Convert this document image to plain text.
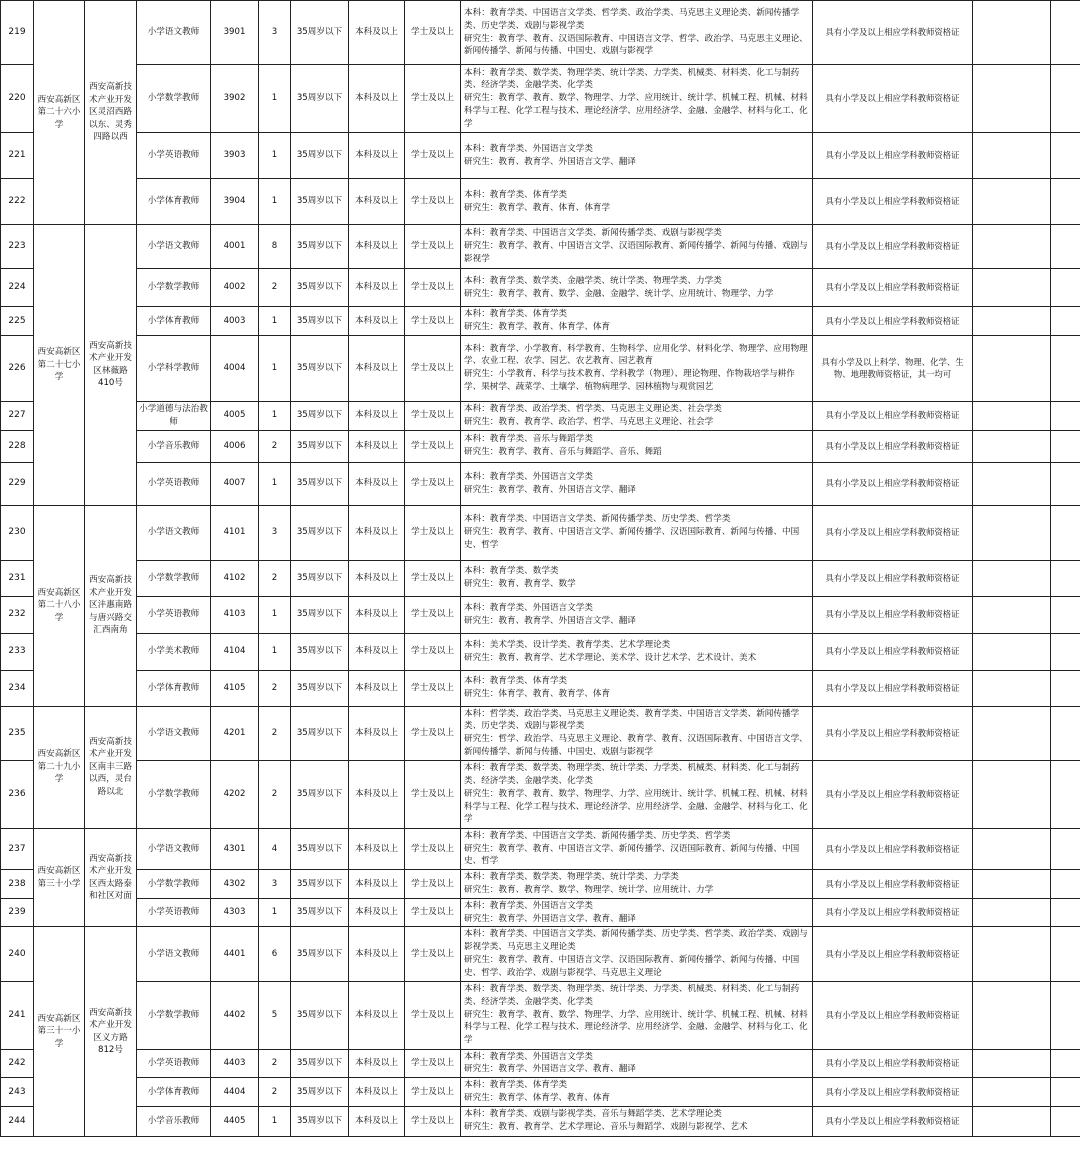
219	西安高新区第二十六小学	西安高新技术产业开发区灵沼西路以东、灵秀四路以西	小学语文教师	3901	3	35周岁以下	本科及以上	学士及以上	本科：教育学类、中国语言文学类、哲学类、政治学类、马克思主义理论类、新闻传播学类、历史学类、戏剧与影视学类
研究生：教育学、教育、汉语国际教育、中国语言文学、哲学、政治学、马克思主义理论、新闻传播学、新闻与传播、中国史、戏剧与影视学	具有小学及以上相应学科教师资格证		
220			小学数学教师	3902	1	35周岁以下	本科及以上	学士及以上	本科：教育学类、数学类、物理学类、统计学类、力学类、机械类、材料类、化工与制药类、经济学类、金融学类、化学类
研究生：教育学、教育、数学、物理学、力学、应用统计、统计学、机械工程、机械、材料科学与工程、化学工程与技术、理论经济学、应用经济学、金融、金融学、材料与化工、化学	具有小学及以上相应学科教师资格证		
221			小学英语教师	3903	1	35周岁以下	本科及以上	学士及以上	本科：教育学类、外国语言文学类
研究生：教育、教育学、外国语言文学、翻译	具有小学及以上相应学科教师资格证		
222			小学体育教师	3904	1	35周岁以下	本科及以上	学士及以上	本科：教育学类、体育学类
研究生：教育学、教育、体育、体育学	具有小学及以上相应学科教师资格证		
223	西安高新区第二十七小学	西安高新技术产业开发区林薇路410号	小学语文教师	4001	8	35周岁以下	本科及以上	学士及以上	本科：教育学类、中国语言文学类、新闻传播学类、戏剧与影视学类
研究生：教育学、教育、中国语言文学、汉语国际教育、新闻传播学、新闻与传播、戏剧与影视学	具有小学及以上相应学科教师资格证		
224			小学数学教师	4002	2	35周岁以下	本科及以上	学士及以上	本科：教育学类、数学类、金融学类、统计学类、物理学类、力学类
研究生：教育学、教育、数学、金融、金融学、统计学、应用统计、物理学、力学	具有小学及以上相应学科教师资格证		
225			小学体育教师	4003	1	35周岁以下	本科及以上	学士及以上	本科：教育学类、体育学类
研究生：教育学、教育、体育学、体育	具有小学及以上相应学科教师资格证		
226			小学科学教师	4004	1	35周岁以下	本科及以上	学士及以上	本科：教育学、小学教育、科学教育、生物科学、应用化学、材料化学、物理学、应用物理学、农业工程、农学、园艺、农艺教育、园艺教育
研究生：小学教育、科学与技术教育、学科教学（物理）、理论物理、作物栽培学与耕作学、果树学、蔬菜学、土壤学、植物病理学、园林植物与观赏园艺	具有小学及以上科学、物理、化学、生物、地理教师资格证，其一均可		
227			小学道德与法治教师	4005	1	35周岁以下	本科及以上	学士及以上	本科：教育学类、政治学类、哲学类、马克思主义理论类、社会学类
研究生：教育、教育学、政治学、哲学、马克思主义理论、社会学	具有小学及以上相应学科教师资格证		
228			小学音乐教师	4006	2	35周岁以下	本科及以上	学士及以上	本科：教育学类、音乐与舞蹈学类
研究生：教育学、教育、音乐与舞蹈学、音乐、舞蹈	具有小学及以上相应学科教师资格证		
229			小学英语教师	4007	1	35周岁以下	本科及以上	学士及以上	本科：教育学类、外国语言文学类
研究生：教育学、教育、外国语言文学、翻译	具有小学及以上相应学科教师资格证		
230	西安高新区第二十八小学	西安高新技术产业开发区沣惠南路与唐兴路交汇西南角	小学语文教师	4101	3	35周岁以下	本科及以上	学士及以上	本科：教育学类、中国语言文学类、新闻传播学类、历史学类、哲学类
研究生：教育学、教育、中国语言文学、新闻传播学、汉语国际教育、新闻与传播、中国史、哲学	具有小学及以上相应学科教师资格证		
231			小学数学教师	4102	2	35周岁以下	本科及以上	学士及以上	本科：教育学类、数学类
研究生：教育、教育学、数学	具有小学及以上相应学科教师资格证		
232			小学英语教师	4103	1	35周岁以下	本科及以上	学士及以上	本科：教育学类、外国语言文学类
研究生：教育、教育学、外国语言文学、翻译	具有小学及以上相应学科教师资格证		
233			小学美术教师	4104	1	35周岁以下	本科及以上	学士及以上	本科：美术学类、设计学类、教育学类、艺术学理论类
研究生：教育、教育学、艺术学理论、美术学、设计艺术学、艺术设计、美术	具有小学及以上相应学科教师资格证		
234			小学体育教师	4105	2	35周岁以下	本科及以上	学士及以上	本科：教育学类、体育学类
研究生：体育学、教育、教育学、体育	具有小学及以上相应学科教师资格证		
235	西安高新区第二十九小学	西安高新技术产业开发区南丰三路以西，灵台路以北	小学语文教师	4201	2	35周岁以下	本科及以上	学士及以上	本科：哲学类、政治学类、马克思主义理论类、教育学类、中国语言文学类、新闻传播学类、历史学类、戏剧与影视学类
研究生：哲学、政治学、马克思主义理论、教育学、教育、汉语国际教育、中国语言文学、新闻传播学、新闻与传播、中国史、戏剧与影视学	具有小学及以上相应学科教师资格证		
236			小学数学教师	4202	2	35周岁以下	本科及以上	学士及以上	本科：教育学类、数学类、物理学类、统计学类、力学类、机械类、材料类、化工与制药类、经济学类、金融学类、化学类
研究生：教育学、教育、数学、物理学、力学、应用统计、统计学、机械工程、机械、材料科学与工程、化学工程与技术、理论经济学、应用经济学、金融、金融学、材料与化工、化学	具有小学及以上相应学科教师资格证		
237	西安高新区第三十小学	西安高新技术产业开发区西太路泰和社区对面	小学语文教师	4301	4	35周岁以下	本科及以上	学士及以上	本科：教育学类、中国语言文学类、新闻传播学类、历史学类、哲学类
研究生：教育学、教育、中国语言文学、新闻传播学、汉语国际教育、新闻与传播、中国史、哲学	具有小学及以上相应学科教师资格证		
238			小学数学教师	4302	3	35周岁以下	本科及以上	学士及以上	本科：教育学类、数学类、物理学类、统计学类、力学类
研究生：教育、教育学、数学、物理学、统计学、应用统计、力学	具有小学及以上相应学科教师资格证		
239			小学英语教师	4303	1	35周岁以下	本科及以上	学士及以上	本科：教育学类、外国语言文学类
研究生：教育学、外国语言文学、教育、翻译	具有小学及以上相应学科教师资格证		
240	西安高新区第三十一小学	西安高新技术产业开发区义方路812号	小学语文教师	4401	6	35周岁以下	本科及以上	学士及以上	本科：教育学类、中国语言文学类、新闻传播学类、历史学类、哲学类、政治学类、戏剧与影视学类、马克思主义理论类
研究生：教育学、教育、中国语言文学、汉语国际教育、新闻传播学、新闻与传播、中国史、哲学、政治学、戏剧与影视学、马克思主义理论	具有小学及以上相应学科教师资格证		
241			小学数学教师	4402	5	35周岁以下	本科及以上	学士及以上	本科：教育学类、数学类、物理学类、统计学类、力学类、机械类、材料类、化工与制药类、经济学类、金融学类、化学类
研究生：教育学、教育、数学、物理学、力学、应用统计、统计学、机械工程、机械、材料科学与工程、化学工程与技术、理论经济学、应用经济学、金融、金融学、材料与化工、化学	具有小学及以上相应学科教师资格证		
242			小学英语教师	4403	2	35周岁以下	本科及以上	学士及以上	本科：教育学类、外国语言文学类
研究生：教育学、外国语言文学、教育、翻译	具有小学及以上相应学科教师资格证		
243			小学体育教师	4404	2	35周岁以下	本科及以上	学士及以上	本科：教育学类、体育学类
研究生：教育学、体育学、教育、体育	具有小学及以上相应学科教师资格证		
244			小学音乐教师	4405	1	35周岁以下	本科及以上	学士及以上	本科：教育学类、戏剧与影视学类、音乐与舞蹈学类、艺术学理论类
研究生：教育、教育学、艺术学理论、音乐与舞蹈学、戏剧与影视学、艺术	具有小学及以上相应学科教师资格证		
